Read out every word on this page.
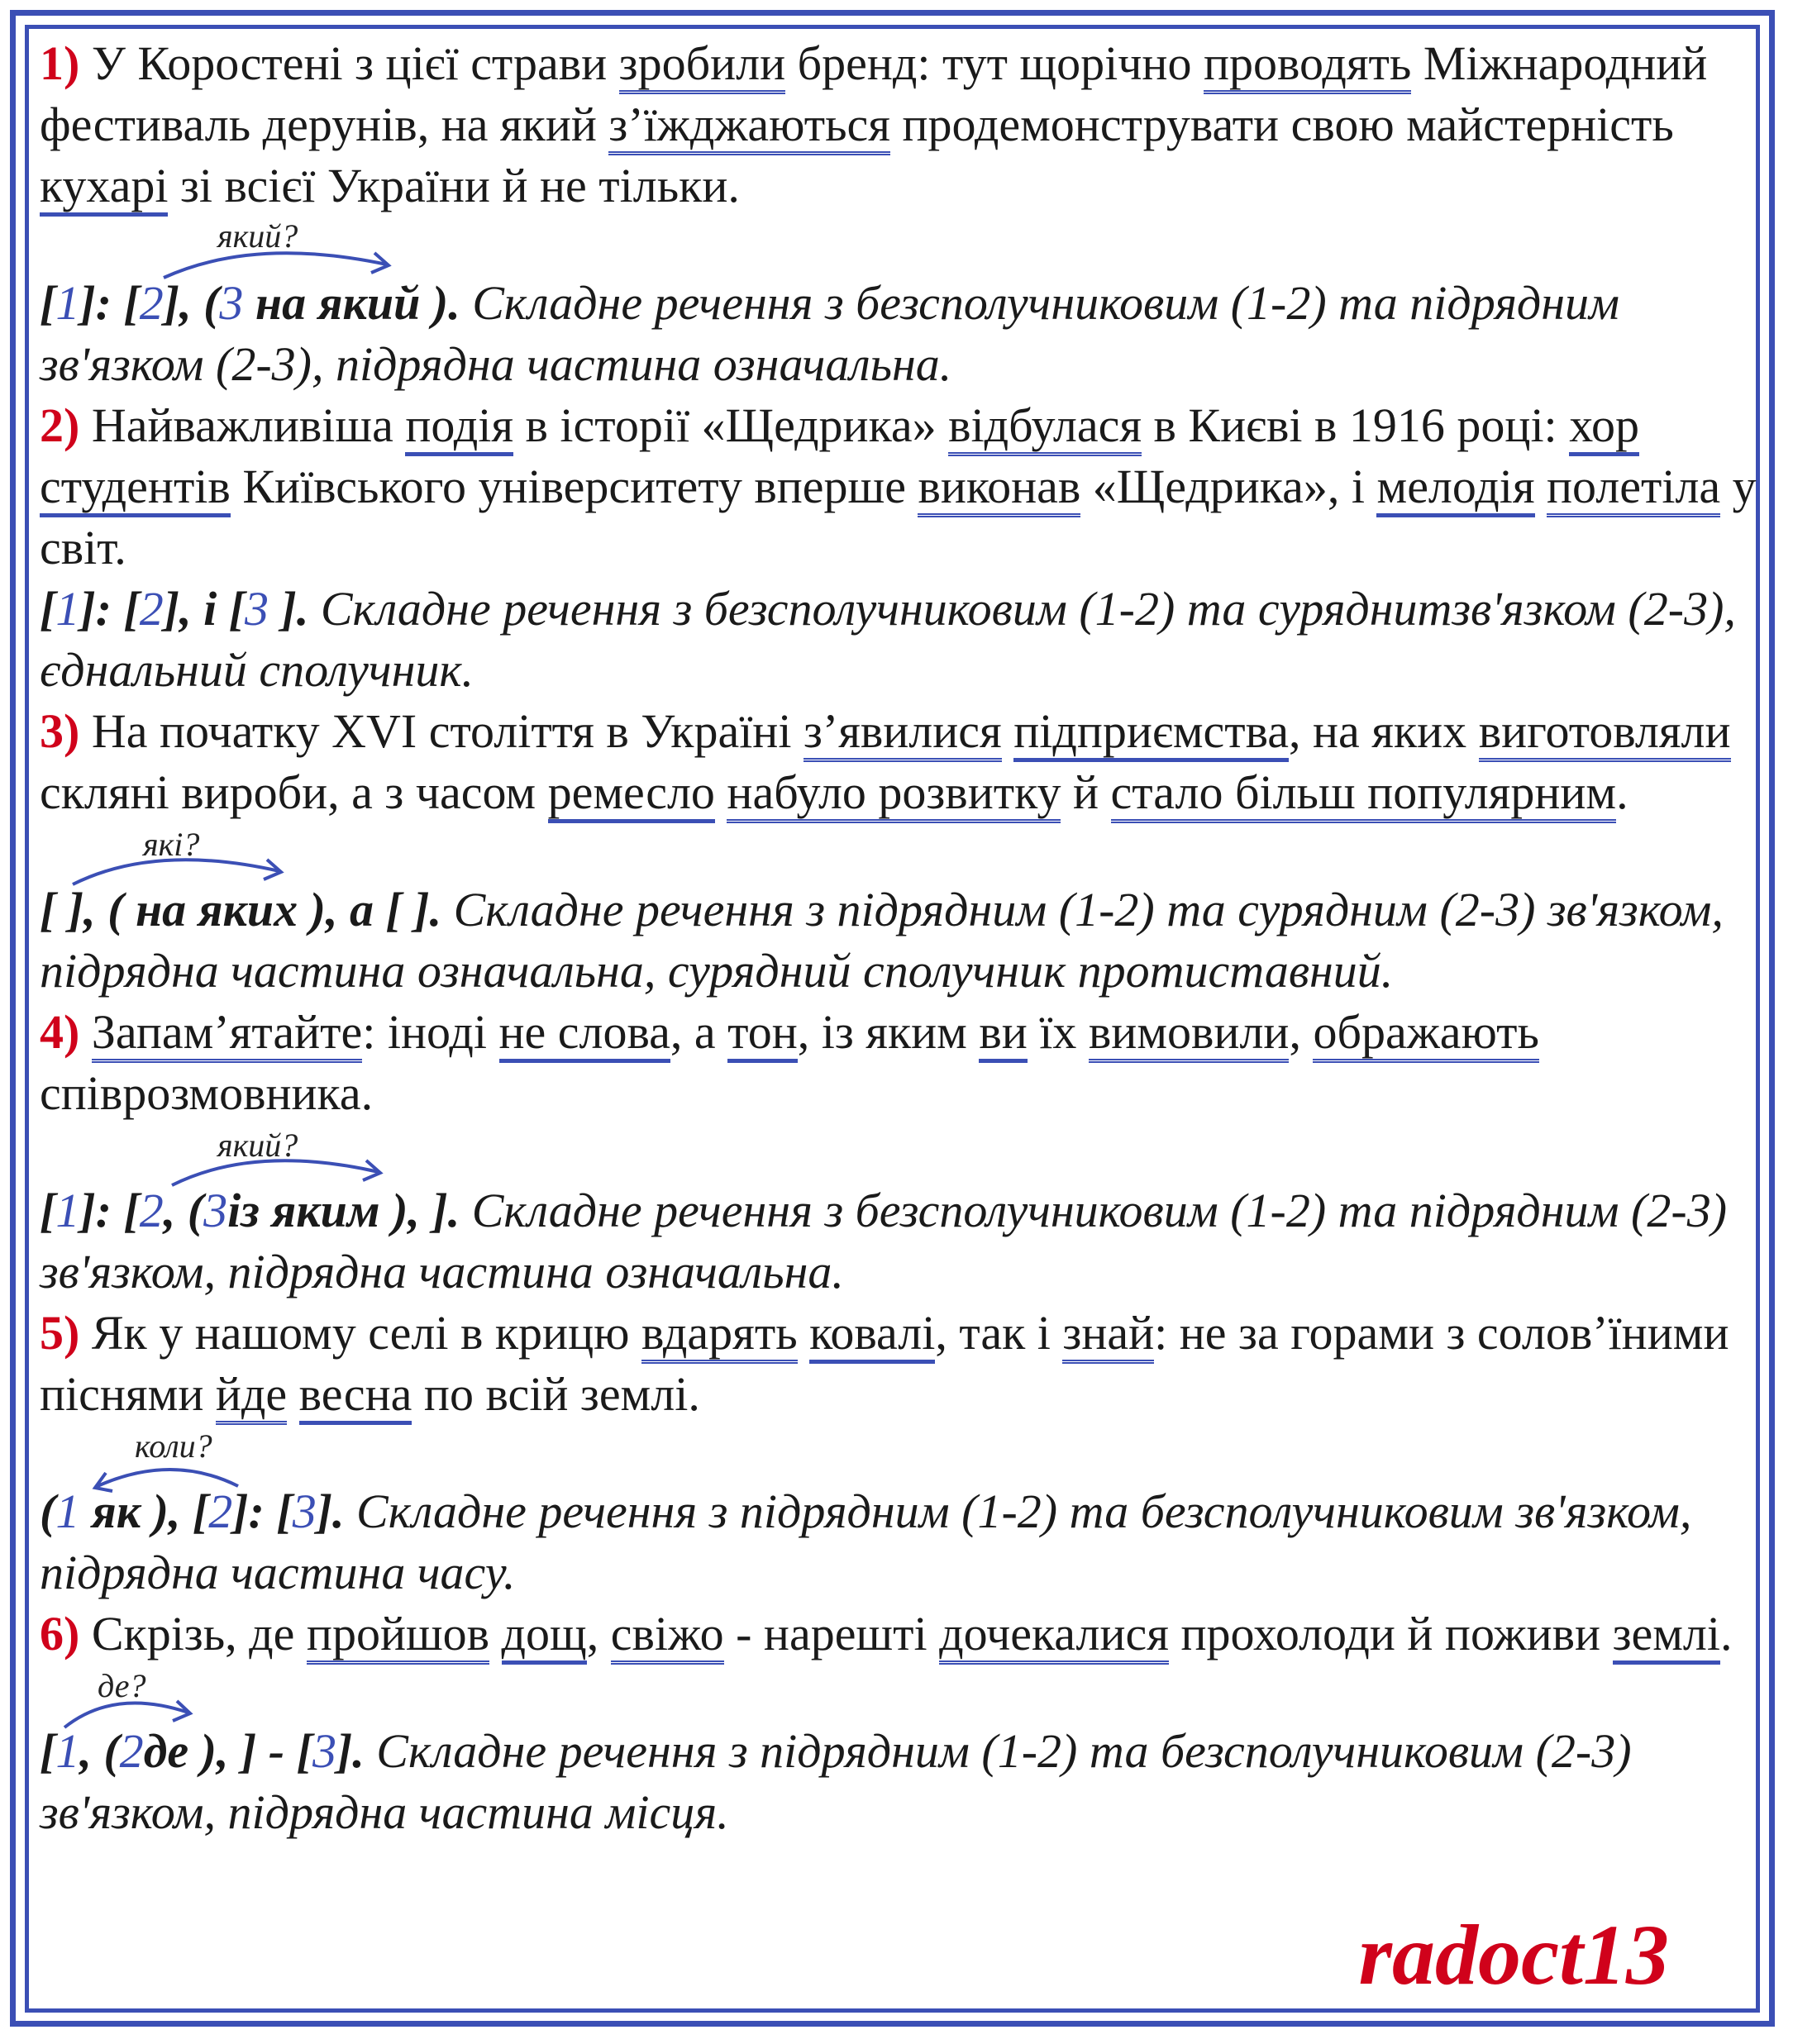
1) У Коростені з цієї страви зробили бренд: тут щорічно проводять Міжнародний фестиваль дерунів, на який з’їжджаються продемонструвати свою майстерність кухарі зі всієї України й не тільки.

який?

[1]: [2], (3 на який ). Складне речення з безсполучниковим (1-2) та підрядним зв'язком (2-3), підрядна частина означальна.

2) Найважливіша подія в історії «Щедрика» відбулася в Києві в 1916 році: хор студентів Київського університету вперше виконав «Щедрика», і мелодія полетіла у світ.

[1]: [2], і [3 ]. Складне речення з безсполучниковим (1-2) та сурядниmзв'язком (2-3), єднальний сполучник.

3) На початку XVI століття в Україні з’явилися підприємства, на яких виготовляли скляні вироби, а з часом ремесло набуло розвитку й стало більш популярним.

які?

[ ], ( на яких ), а [ ]. Складне речення з підрядним (1-2) та сурядним (2-3) зв'язком, підрядна частина означальна, сурядний сполучник протиставний.

4) Запам’ятайте: іноді не слова, а тон, із яким ви їх вимовили, ображають співрозмовника.

який?

[1]: [2, (3із яким ), ]. Складне речення з безсполучниковим (1-2) та підрядним (2-3) зв'язком, підрядна частина означальна.

5) Як у нашому селі в крицю вдарять ковалі, так і знай: не за горами з солов’їними піснями йде весна по всій землі.

коли?

(1 як ), [2]: [3]. Складне речення з підрядним (1-2) та безсполучниковим зв'язком, підрядна частина часу.

6) Скрізь, де пройшов дощ, свіжо - нарешті дочекалися прохолоди й поживи землі.

де?

[1, (2де ), ] - [3]. Складне речення з підрядним (1-2) та безсполучниковим (2-3) зв'язком, підрядна частина місця.

radoct13
